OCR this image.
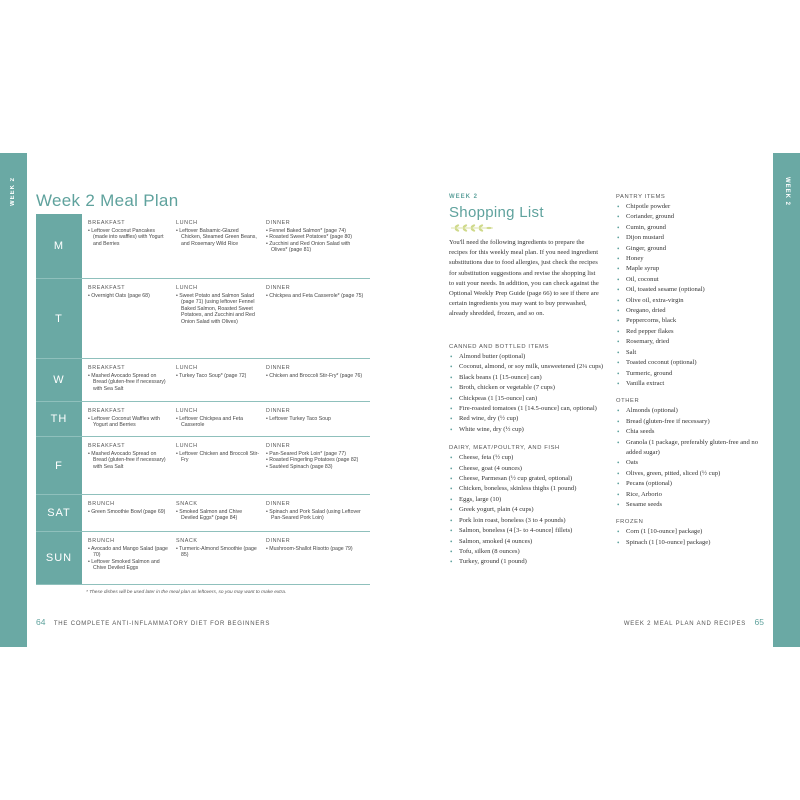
WEEK 2	WEEK 2
Week 2 Meal Plan
M
BREAKFAST
• Leftover Coconut Pancakes (made into waffles) with Yogurt and Berries
LUNCH
• Leftover Balsamic-Glazed Chicken, Steamed Green Beans, and Rosemary Wild Rice
DINNER
• Fennel Baked Salmon* (page 74)
• Roasted Sweet Potatoes* (page 80)
• Zucchini and Red Onion Salad with Olives* (page 81)
T
BREAKFAST
• Overnight Oats (page 68)
LUNCH
• Sweet Potato and Salmon Salad (page 71) (using leftover Fennel Baked Salmon, Roasted Sweet Potatoes, and Zucchini and Red Onion Salad with Olives)
DINNER
• Chickpea and Feta Casserole* (page 75)
W
BREAKFAST
• Mashed Avocado Spread on Bread (gluten-free if necessary) with Sea Salt
LUNCH
• Turkey Taco Soup* (page 72)
DINNER
• Chicken and Broccoli Stir-Fry* (page 76)
TH
BREAKFAST
• Leftover Coconut Waffles with Yogurt and Berries
LUNCH
• Leftover Chickpea and Feta Casserole
DINNER
• Leftover Turkey Taco Soup
F
BREAKFAST
• Mashed Avocado Spread on Bread (gluten-free if necessary) with Sea Salt
LUNCH
• Leftover Chicken and Broccoli Stir-Fry
DINNER
• Pan-Seared Pork Loin* (page 77)
• Roasted Fingerling Potatoes (page 82)
• Sautéed Spinach (page 83)
SAT
BRUNCH
• Green Smoothie Bowl (page 69)
SNACK
• Smoked Salmon and Chive Deviled Eggs* (page 84)
DINNER
• Spinach and Pork Salad (using Leftover Pan-Seared Pork Loin)
SUN
BRUNCH
• Avocado and Mango Salad (page 70)
• Leftover Smoked Salmon and Chive Deviled Eggs
SNACK
• Turmeric-Almond Smoothie (page 85)
DINNER
• Mushroom-Shallot Risotto (page 79)
* These dishes will be used later in the meal plan as leftovers, so you may want to make extra.
64 THE COMPLETE ANTI-INFLAMMATORY DIET FOR BEGINNERS
WEEK 2
Shopping List
You'll need the following ingredients to prepare the recipes for this weekly meal plan. If you need ingredient substitutions due to food allergies, just check the recipes for substitution suggestions and revise the shopping list to suit your needs. In addition, you can check against the Optional Weekly Prep Guide (page 66) to see if there are certain ingredients you may want to buy prewashed, already shredded, frozen, and so on.
CANNED AND BOTTLED ITEMS
• Almond butter (optional)
• Coconut, almond, or soy milk, unsweetened (2¼ cups)
• Black beans (1 [15-ounce] can)
• Broth, chicken or vegetable (7 cups)
• Chickpeas (1 [15-ounce] can)
• Fire-roasted tomatoes (1 [14.5-ounce] can, optional)
• Red wine, dry (½ cup)
• White wine, dry (½ cup)
DAIRY, MEAT/POULTRY, AND FISH
• Cheese, feta (½ cup)
• Cheese, goat (4 ounces)
• Cheese, Parmesan (½ cup grated, optional)
• Chicken, boneless, skinless thighs (1 pound)
• Eggs, large (10)
• Greek yogurt, plain (4 cups)
• Pork loin roast, boneless (3 to 4 pounds)
• Salmon, boneless (4 [3- to 4-ounce] fillets)
• Salmon, smoked (4 ounces)
• Tofu, silken (8 ounces)
• Turkey, ground (1 pound)
PANTRY ITEMS
• Chipotle powder
• Coriander, ground
• Cumin, ground
• Dijon mustard
• Ginger, ground
• Honey
• Maple syrup
• Oil, coconut
• Oil, toasted sesame (optional)
• Olive oil, extra-virgin
• Oregano, dried
• Peppercorns, black
• Red pepper flakes
• Rosemary, dried
• Salt
• Toasted coconut (optional)
• Turmeric, ground
• Vanilla extract
OTHER
• Almonds (optional)
• Bread (gluten-free if necessary)
• Chia seeds
• Granola (1 package, preferably gluten-free and no added sugar)
• Oats
• Olives, green, pitted, sliced (½ cup)
• Pecans (optional)
• Rice, Arborio
• Sesame seeds
FROZEN
• Corn (1 [10-ounce] package)
• Spinach (1 [10-ounce] package)
WEEK 2 MEAL PLAN AND RECIPES 65
